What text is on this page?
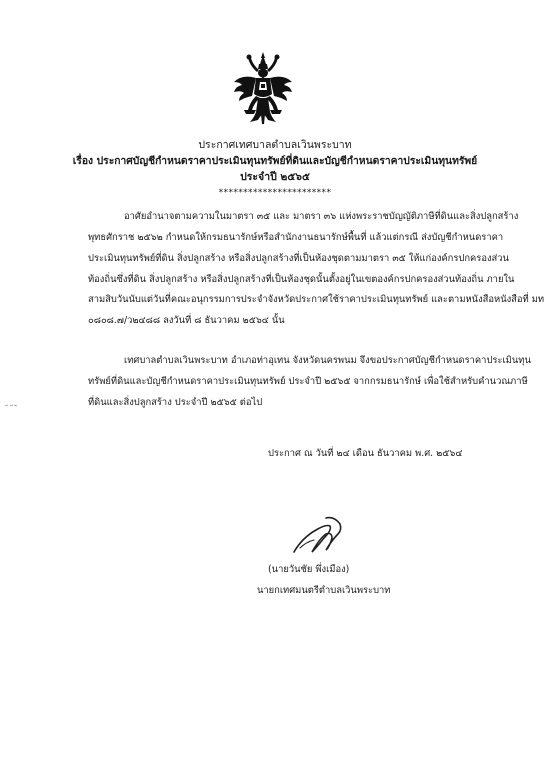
ประกาศเทศบาลตำบลเวินพระบาท
เรื่อง ประกาศบัญชีกำหนดราคาประเมินทุนทรัพย์ที่ดินและบัญชีกำหนดราคาประเมินทุนทรัพย์
ประจำปี ๒๕๖๕
***********************
อาศัยอำนาจตามความในมาตรา ๓๕ และ มาตรา ๓๖ แห่งพระราชบัญญัติภาษีที่ดินและสิ่งปลูกสร้าง
พุทธศักราช ๒๕๖๒ กำหนดให้กรมธนารักษ์หรือสำนักงานธนารักษ์พื้นที่ แล้วแต่กรณี ส่งบัญชีกำหนดราคา
ประเมินทุนทรัพย์ที่ดิน สิ่งปลูกสร้าง หรือสิ่งปลูกสร้างที่เป็นห้องชุดตามมาตรา ๓๕ ให้แก่องค์กรปกครองส่วน
ท้องถิ่นซึ่งที่ดิน สิ่งปลูกสร้าง หรือสิ่งปลูกสร้างที่เป็นห้องชุดนั้นตั้งอยู่ในเขตองค์กรปกครองส่วนท้องถิ่น ภายใน
สามสิบวันนับแต่วันที่คณะอนุกรรมการประจำจังหวัดประกาศใช้ราคาประเมินทุนทรัพย์ และตามหนังสือหนังสือที่ มท
๐๘๐๘.๗/ว๒๔๘๘ ลงวันที่ ๘ ธันวาคม ๒๕๖๔ นั้น
เทศบาลตำบลเวินพระบาท อำเภอท่าอุเทน จังหวัดนครพนม จึงขอประกาศบัญชีกำหนดราคาประเมินทุน
ทรัพย์ที่ดินและบัญชีกำหนดราคาประเมินทุนทรัพย์ ประจำปี ๒๕๖๕ จากกรมธนารักษ์ เพื่อใช้สำหรับคำนวณภาษี
ที่ดินและสิ่งปลูกสร้าง ประจำปี ๒๕๖๕ ต่อไป
ประกาศ ณ วันที่ ๒๔ เดือน ธันวาคม พ.ศ. ๒๕๖๔
(นายวันชัย พึ่งเมือง)
นายกเทศมนตรีตำบลเวินพระบาท
